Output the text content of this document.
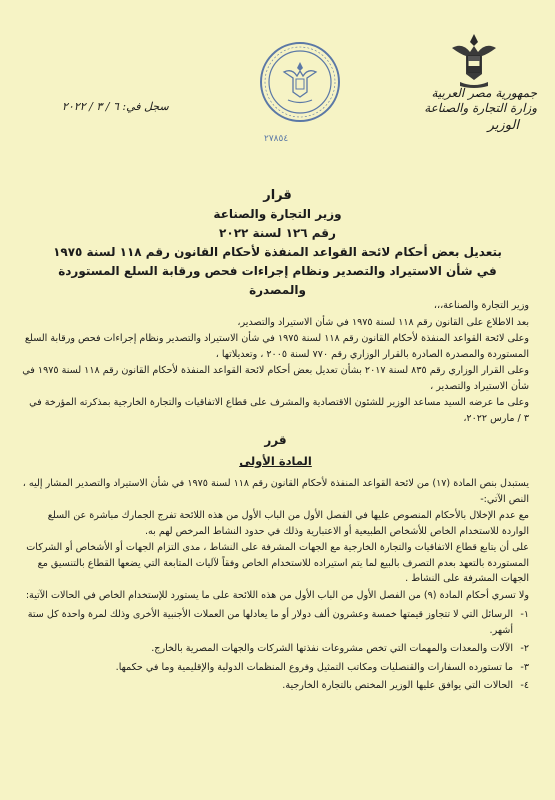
جمهورية مصر العربية
وزارة التجارة والصناعة
الوزير
٢٧٨٥٤
سجل في: ٦ / ٣ / ٢٠٢٢
قرار
وزير التجارة والصناعة
رقم ١٢٦ لسنة ٢٠٢٢
بتعديل بعض أحكام لائحة القواعد المنفذة لأحكام القانون رقم ١١٨ لسنة ١٩٧٥
في شأن الاستيراد والتصدير ونظام إجراءات فحص ورقابة السلع المستوردة والمصدرة

وزير التجارة والصناعة،،،

بعد الاطلاع على القانون رقم ١١٨ لسنة ١٩٧٥ في شأن الاستيراد والتصدير،

وعلى لائحة القواعد المنفذة لأحكام القانون رقم ١١٨ لسنة ١٩٧٥ في شأن الاستيراد والتصدير ونظام إجراءات فحص ورقابة السلع المستوردة والمصدرة الصادرة بالقرار الوزاري رقم ٧٧٠ لسنة ٢٠٠٥ ، وتعديلاتها ،

وعلى القرار الوزاري رقم ٨٣٥ لسنة ٢٠١٧ بشأن تعديل بعض أحكام لائحة القواعد المنفذة لأحكام القانون رقم ١١٨ لسنة ١٩٧٥ في شأن الاستيراد والتصدير ،

وعلى ما عرضه السيد مساعد الوزير للشئون الاقتصادية والمشرف على قطاع الاتفاقيات والتجارة الخارجية بمذكرته المؤرخة في ٣ / مارس ٢٠٢٢،

قرر
المادة الأولى

يستبدل بنص المادة (١٧) من لائحة القواعد المنفذة لأحكام القانون رقم ١١٨ لسنة ١٩٧٥ في شأن الاستيراد والتصدير المشار إليه ، النص الآتي:-

مع عدم الإخلال بالأحكام المنصوص عليها في الفصل الأول من الباب الأول من هذه اللائحة تفرج الجمارك مباشرة عن السلع الواردة للاستخدام الخاص للأشخاص الطبيعية أو الاعتبارية وذلك في حدود النشاط المرخص لهم به.

على أن يتابع قطاع الاتفاقيات والتجارة الخارجية مع الجهات المشرفة على النشاط ، مدى التزام الجهات أو الأشخاص أو الشركات المستوردة بالتعهد بعدم التصرف بالبيع لما يتم استيراده للاستخدام الخاص وفقاً لآليات المتابعة التي يضعها القطاع بالتنسيق مع الجهات المشرفة على النشاط .

ولا تسري أحكام المادة (٩) من الفصل الأول من الباب الأول من هذه اللائحة على ما يستورد للإستخدام الخاص في الحالات الآتية:

١-
الرسائل التي لا تتجاوز قيمتها خمسة وعشرون ألف دولار أو ما يعادلها من العملات الأجنبية الأخرى وذلك لمرة واحدة كل ستة أشهر.
٢-
الآلات والمعدات والمهمات التي تخص مشروعات نفذتها الشركات والجهات المصرية بالخارج.
٣-
ما تستورده السفارات والقنصليات ومكاتب التمثيل وفروع المنظمات الدولية والإقليمية وما في حكمها.
٤-
الحالات التي يوافق عليها الوزير المختص بالتجارة الخارجية.
